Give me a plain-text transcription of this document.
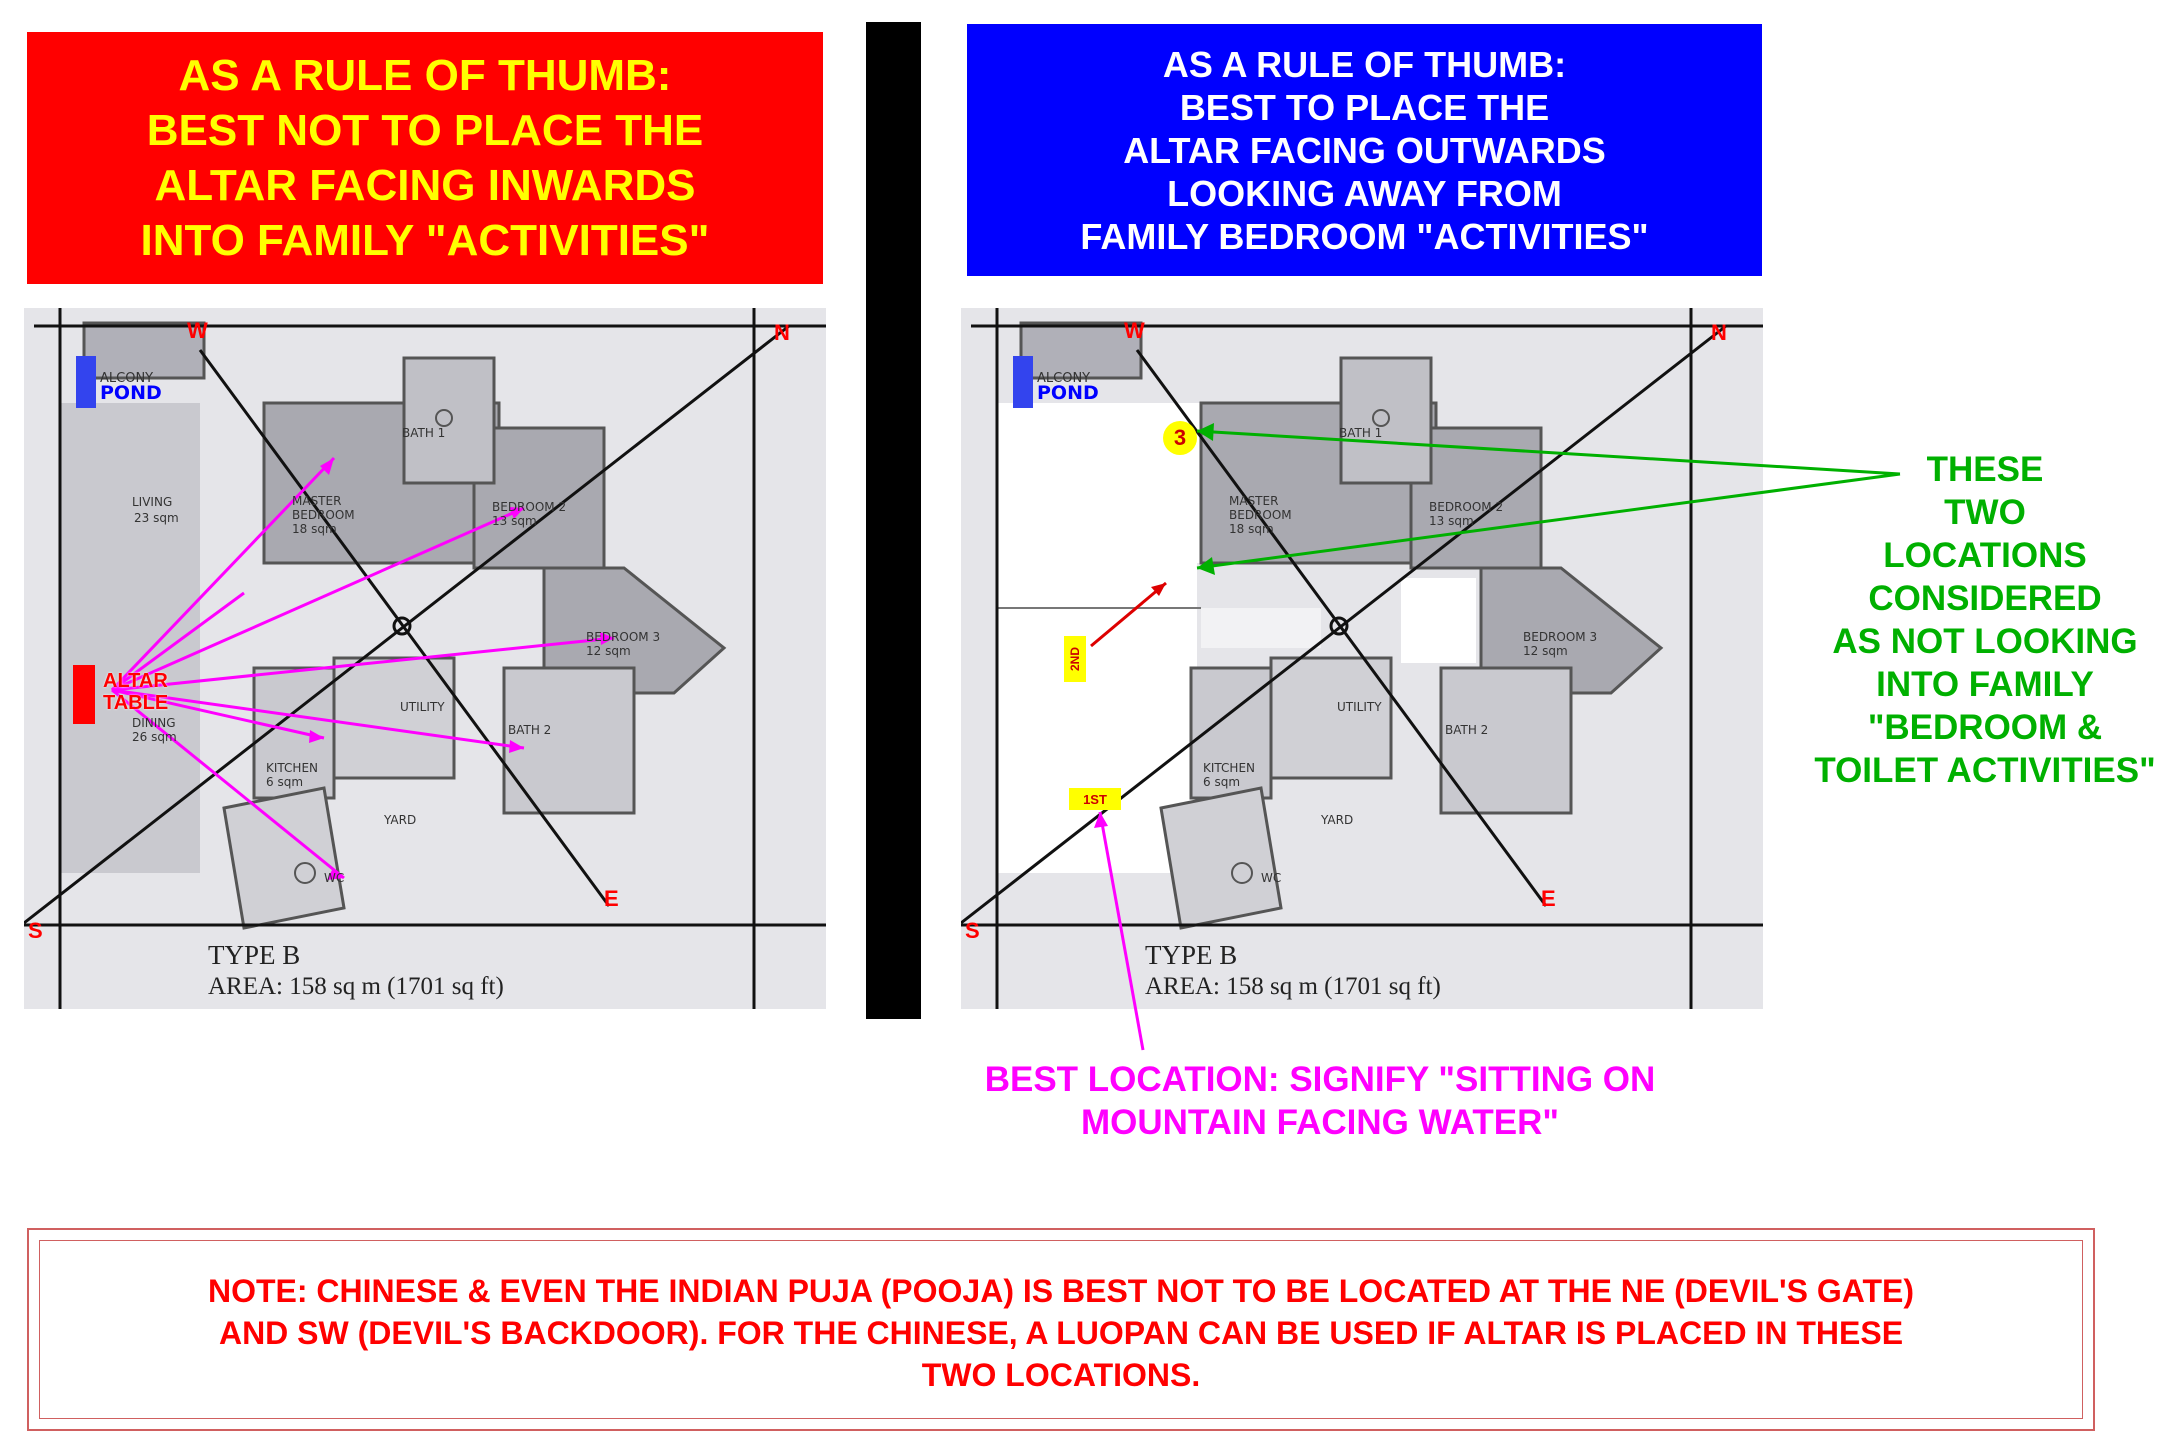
AS A RULE OF THUMB:
BEST NOT TO PLACE THE
ALTAR FACING INWARDS
INTO FAMILY "ACTIVITIES"
AS A RULE OF THUMB:
BEST TO PLACE THE
ALTAR FACING OUTWARDS
LOOKING AWAY FROM
FAMILY BEDROOM "ACTIVITIES"
W	N
S
E
ALCONY
POND
BATH 1
LIVING
23 sqm
MASTER
BEDROOM
18 sqm
BEDROOM 2
13 sqm
BEDROOM 3
12 sqm
DINING
26 sqm
UTILITY
BATH 2
KITCHEN
6 sqm
YARD
WC
TYPE B
AREA: 158 sq m (1701 sq ft)
ALTAR
TABLE
W	N
S
E
ALCONY
POND
BATH 1
MASTER
BEDROOM
18 sqm
BEDROOM 2
13 sqm
BEDROOM 3
12 sqm
UTILITY
BATH 2
KITCHEN
6 sqm
YARD
WC
TYPE B
AREA: 158 sq m (1701 sq ft)
3
2ND
1ST
THESE
TWO
LOCATIONS
CONSIDERED
AS NOT LOOKING
INTO FAMILY
"BEDROOM &
TOILET ACTIVITIES"
BEST LOCATION: SIGNIFY "SITTING ON
MOUNTAIN FACING WATER"
NOTE: CHINESE & EVEN THE INDIAN PUJA (POOJA) IS BEST NOT TO BE LOCATED AT THE NE (DEVIL'S GATE)
AND SW (DEVIL'S BACKDOOR). FOR THE CHINESE, A LUOPAN CAN BE USED IF ALTAR IS PLACED IN THESE
TWO LOCATIONS.
